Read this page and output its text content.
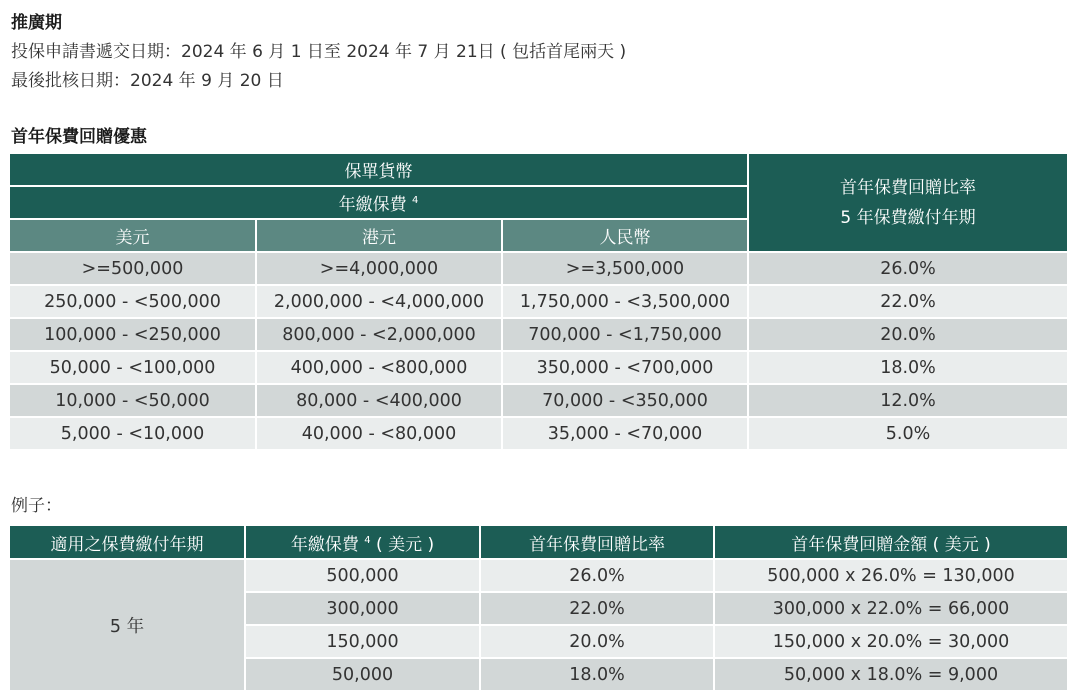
推廣期
投保申請書遞交日期：2024 年 6 月 1 日至 2024 年 7 月 21日 ( 包括首尾兩天 )
最後批核日期：2024 年 9 月 20 日
首年保費回贈優惠
保單貨幣			首年保費回贈比率
5 年保費繳付年期

年繳保費 $^4$
美元	港元	人民幣	
>=500,000	>=4,000,000	>=3,500,000	26.0%
250,000 - <500,000	2,000,000 - <4,000,000	1,750,000 - <3,500,000	22.0%
100,000 - <250,000	800,000 - <2,000,000	700,000 - <1,750,000	20.0%
50,000 - <100,000	400,000 - <800,000	350,000 - <700,000	18.0%
10,000 - <50,000	80,000 - <400,000	70,000 - <350,000	12.0%
5,000 - <10,000	40,000 - <80,000	35,000 - <70,000	5.0%
例子：
適用之保費繳付年期	年繳保費 $^4$ ( 美元 )	首年保費回贈比率	首年保費回贈金額 ( 美元 )
5 年	500,000	26.0%	500,000 x 26.0% = 130,000
	300,000	22.0%	300,000 x 22.0% = 66,000
	150,000	20.0%	150,000 x 20.0% = 30,000
	50,000	18.0%	50,000 x 18.0% = 9,000
